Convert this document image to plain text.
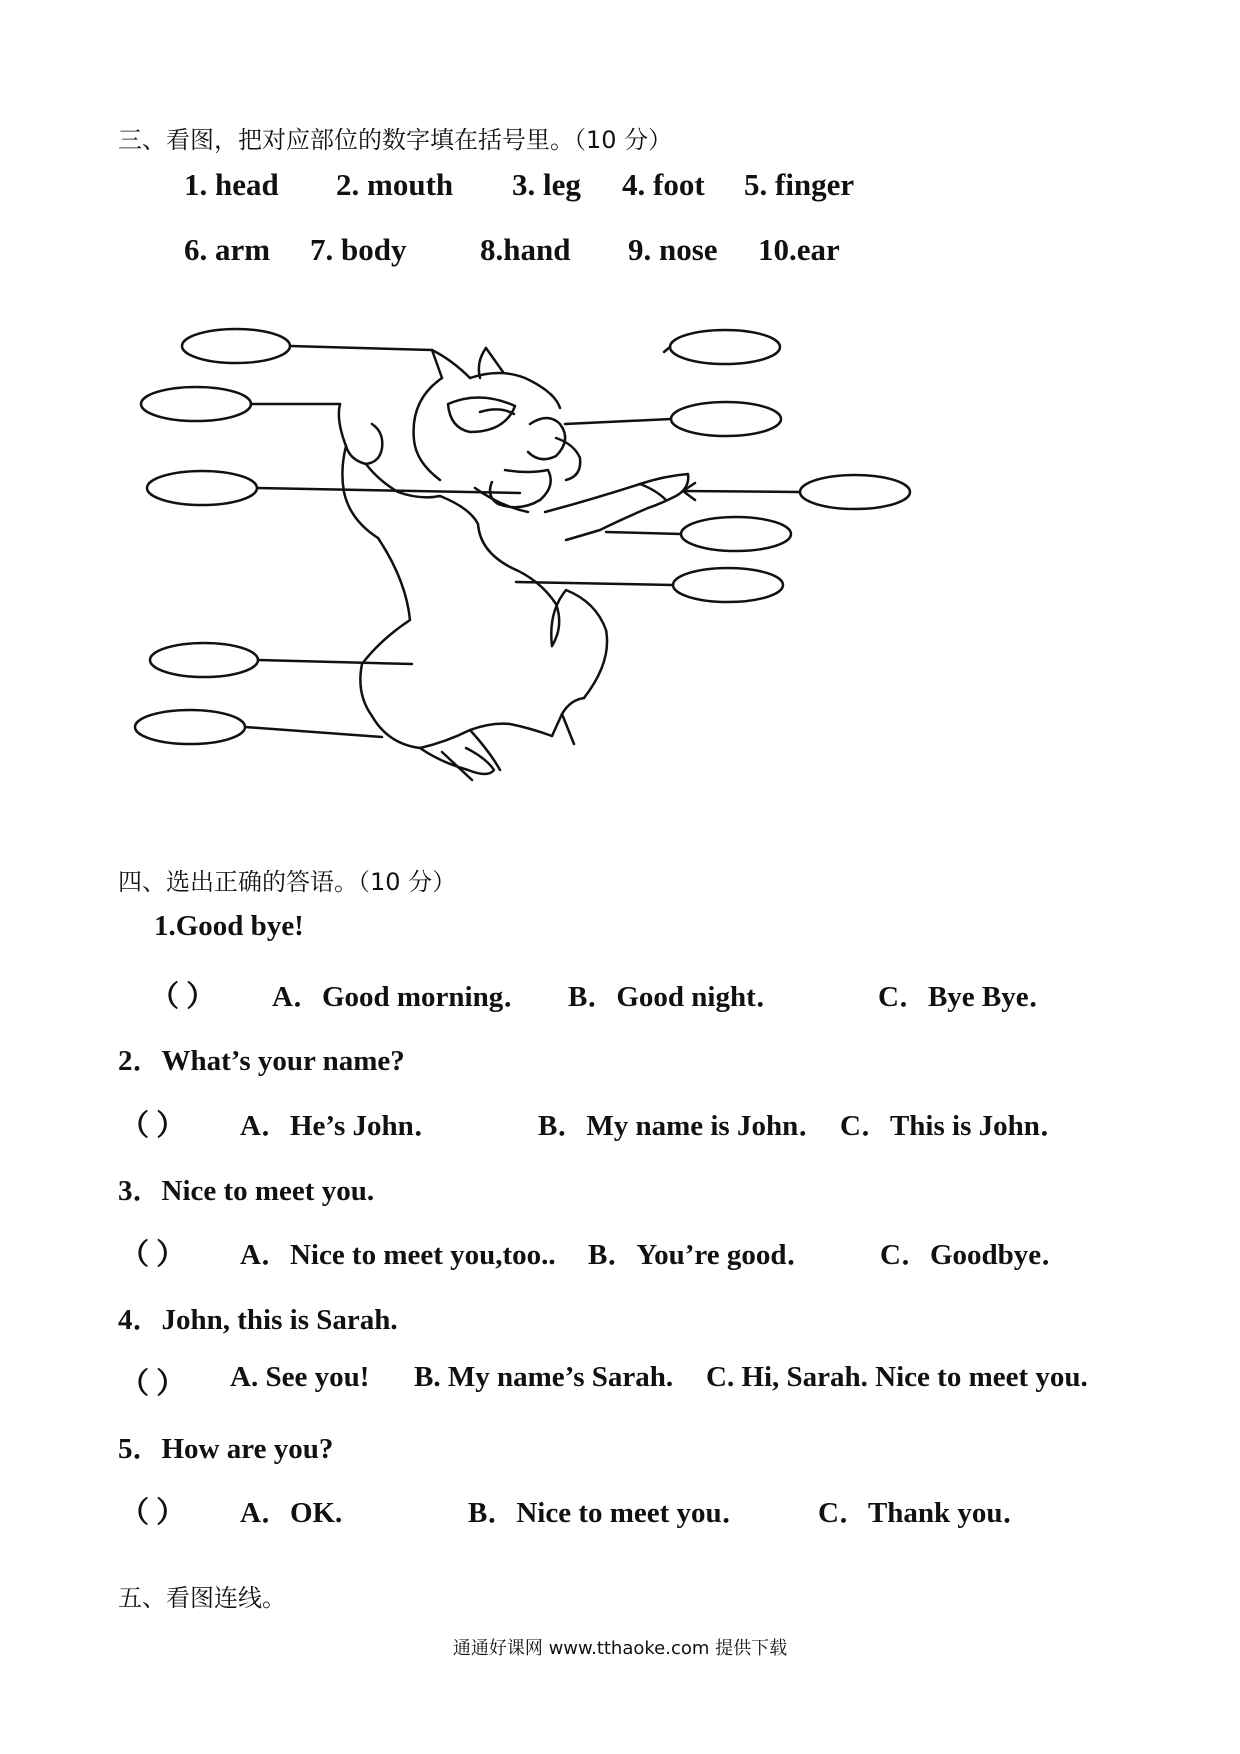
三、看图，把对应部位的数字填在括号里。（10 分）
1. head 2. mouth 3. leg 4. foot 5. finger
6. arm 7. body 8.hand 9. nose 10.ear
四、选出正确的答语。（10 分）
1.Good bye!
（ ） A．Good morning． B．Good night．	C．Bye Bye．
2．What’s your name?
（ ） A．He’s John．	B．My name is John． C．This is John．
3．Nice to meet you.
（ ） A．Nice to meet you,too.. B．You’re good． C．Goodbye．
4．John, this is Sarah.
（ ） A. See you! B. My name’s Sarah. C. Hi, Sarah. Nice to meet you.
5．How are you?
（ ） A．OK.	B．Nice to meet you． C．Thank you．
五、看图连线。
通通好课网 www.tthaoke.com 提供下载
